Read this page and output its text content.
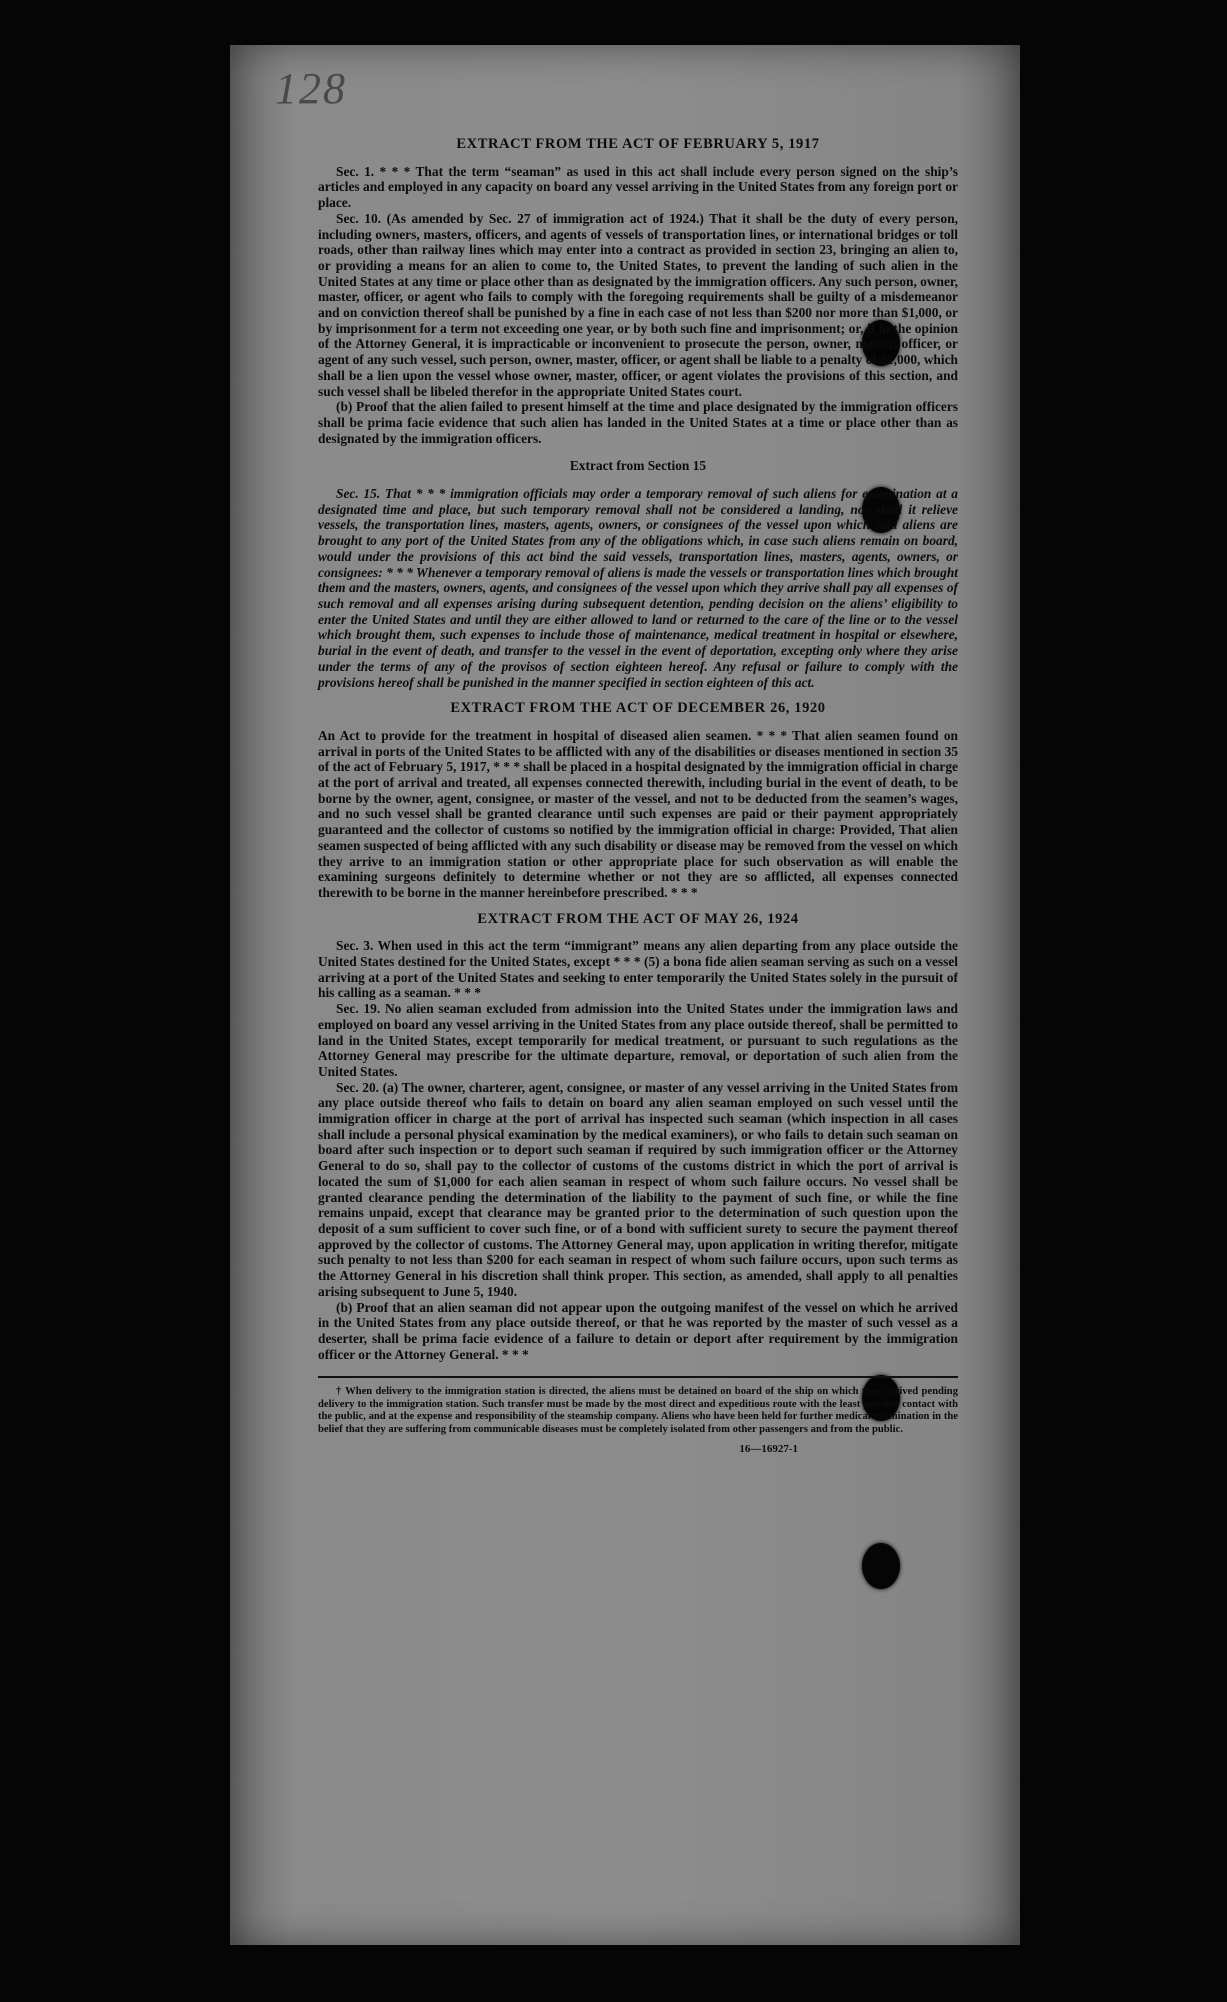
128
EXTRACT FROM THE ACT OF FEBRUARY 5, 1917

Sec. 1. * * * That the term “seaman” as used in this act shall include every person signed on the ship’s articles and employed in any capacity on board any vessel arriving in the United States from any foreign port or place.

Sec. 10. (As amended by Sec. 27 of immigration act of 1924.) That it shall be the duty of every person, including owners, masters, officers, and agents of vessels of transportation lines, or international bridges or toll roads, other than railway lines which may enter into a contract as provided in section 23, bringing an alien to, or providing a means for an alien to come to, the United States, to prevent the landing of such alien in the United States at any time or place other than as designated by the immigration officers. Any such person, owner, master, officer, or agent who fails to comply with the foregoing requirements shall be guilty of a misdemeanor and on conviction thereof shall be punished by a fine in each case of not less than $200 nor more than $1,000, or by imprisonment for a term not exceeding one year, or by both such fine and imprisonment; or, if in the opinion of the Attorney General, it is impracticable or inconvenient to prosecute the person, owner, master, officer, or agent of any such vessel, such person, owner, master, officer, or agent shall be liable to a penalty of $1,000, which shall be a lien upon the vessel whose owner, master, officer, or agent violates the provisions of this section, and such vessel shall be libeled therefor in the appropriate United States court.

(b) Proof that the alien failed to present himself at the time and place designated by the immigration officers shall be prima facie evidence that such alien has landed in the United States at a time or place other than as designated by the immigration officers.

Extract from Section 15

Sec. 15. That * * * immigration officials may order a temporary removal of such aliens for examination at a designated time and place, but such temporary removal shall not be considered a landing, nor shall it relieve vessels, the transportation lines, masters, agents, owners, or consignees of the vessel upon which said aliens are brought to any port of the United States from any of the obligations which, in case such aliens remain on board, would under the provisions of this act bind the said vessels, transportation lines, masters, agents, owners, or consignees: * * * Whenever a temporary removal of aliens is made the vessels or transportation lines which brought them and the masters, owners, agents, and consignees of the vessel upon which they arrive shall pay all expenses of such removal and all expenses arising during subsequent detention, pending decision on the aliens’ eligibility to enter the United States and until they are either allowed to land or returned to the care of the line or to the vessel which brought them, such expenses to include those of maintenance, medical treatment in hospital or elsewhere, burial in the event of death, and transfer to the vessel in the event of deportation, excepting only where they arise under the terms of any of the provisos of section eighteen hereof. Any refusal or failure to comply with the provisions hereof shall be punished in the manner specified in section eighteen of this act.

EXTRACT FROM THE ACT OF DECEMBER 26, 1920

An Act to provide for the treatment in hospital of diseased alien seamen. * * * That alien seamen found on arrival in ports of the United States to be afflicted with any of the disabilities or diseases mentioned in section 35 of the act of February 5, 1917, * * * shall be placed in a hospital designated by the immigration official in charge at the port of arrival and treated, all expenses connected therewith, including burial in the event of death, to be borne by the owner, agent, consignee, or master of the vessel, and not to be deducted from the seamen’s wages, and no such vessel shall be granted clearance until such expenses are paid or their payment appropriately guaranteed and the collector of customs so notified by the immigration official in charge: Provided, That alien seamen suspected of being afflicted with any such disability or disease may be removed from the vessel on which they arrive to an immigration station or other appropriate place for such observation as will enable the examining surgeons definitely to determine whether or not they are so afflicted, all expenses connected therewith to be borne in the manner hereinbefore prescribed. * * *

EXTRACT FROM THE ACT OF MAY 26, 1924

Sec. 3. When used in this act the term “immigrant” means any alien departing from any place outside the United States destined for the United States, except * * * (5) a bona fide alien seaman serving as such on a vessel arriving at a port of the United States and seeking to enter temporarily the United States solely in the pursuit of his calling as a seaman. * * *

Sec. 19. No alien seaman excluded from admission into the United States under the immigration laws and employed on board any vessel arriving in the United States from any place outside thereof, shall be permitted to land in the United States, except temporarily for medical treatment, or pursuant to such regulations as the Attorney General may prescribe for the ultimate departure, removal, or deportation of such alien from the United States.

Sec. 20. (a) The owner, charterer, agent, consignee, or master of any vessel arriving in the United States from any place outside thereof who fails to detain on board any alien seaman employed on such vessel until the immigration officer in charge at the port of arrival has inspected such seaman (which inspection in all cases shall include a personal physical examination by the medical examiners), or who fails to detain such seaman on board after such inspection or to deport such seaman if required by such immigration officer or the Attorney General to do so, shall pay to the collector of customs of the customs district in which the port of arrival is located the sum of $1,000 for each alien seaman in respect of whom such failure occurs. No vessel shall be granted clearance pending the determination of the liability to the payment of such fine, or while the fine remains unpaid, except that clearance may be granted prior to the determination of such question upon the deposit of a sum sufficient to cover such fine, or of a bond with sufficient surety to secure the payment thereof approved by the collector of customs. The Attorney General may, upon application in writing therefor, mitigate such penalty to not less than $200 for each seaman in respect of whom such failure occurs, upon such terms as the Attorney General in his discretion shall think proper. This section, as amended, shall apply to all penalties arising subsequent to June 5, 1940.

(b) Proof that an alien seaman did not appear upon the outgoing manifest of the vessel on which he arrived in the United States from any place outside thereof, or that he was reported by the master of such vessel as a deserter, shall be prima facie evidence of a failure to detain or deport after requirement by the immigration officer or the Attorney General. * * *

† When delivery to the immigration station is directed, the aliens must be detained on board of the ship on which they arrived pending delivery to the immigration station. Such transfer must be made by the most direct and expeditious route with the least possible contact with the public, and at the expense and responsibility of the steamship company. Aliens who have been held for further medical examination in the belief that they are suffering from communicable diseases must be completely isolated from other passengers and from the public.

16—16927-1
